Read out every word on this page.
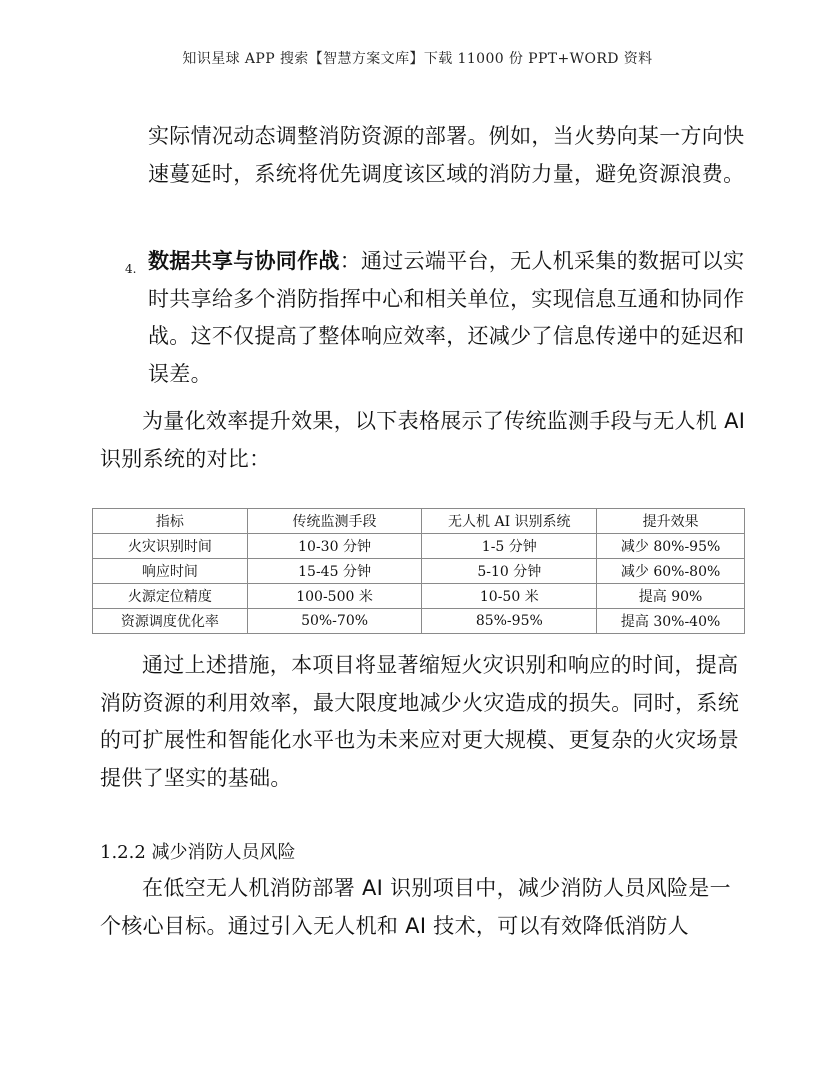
知识星球 APP 搜索【智慧方案文库】下载 11000 份 PPT+WORD 资料

实际情况动态调整消防资源的部署。例如，当火势向某一方向快速蔓延时，系统将优先调度该区域的消防力量，避免资源浪费。

4. 数据共享与协同作战：通过云端平台，无人机采集的数据可以实时共享给多个消防指挥中心和相关单位，实现信息互通和协同作战。这不仅提高了整体响应效率，还减少了信息传递中的延迟和误差。

为量化效率提升效果，以下表格展示了传统监测手段与无人机 AI 识别系统的对比：

指标	传统监测手段	无人机 AI 识别系统	提升效果
火灾识别时间	10-30 分钟	1-5 分钟	减少 80%-95%
响应时间	15-45 分钟	5-10 分钟	减少 60%-80%
火源定位精度	100-500 米	10-50 米	提高 90%
资源调度优化率	50%-70%	85%-95%	提高 30%-40%

通过上述措施，本项目将显著缩短火灾识别和响应的时间，提高消防资源的利用效率，最大限度地减少火灾造成的损失。同时，系统的可扩展性和智能化水平也为未来应对更大规模、更复杂的火灾场景提供了坚实的基础。

1.2.2 减少消防人员风险

在低空无人机消防部署 AI 识别项目中，减少消防人员风险是一个核心目标。通过引入无人机和 AI 技术，可以有效降低消防人
